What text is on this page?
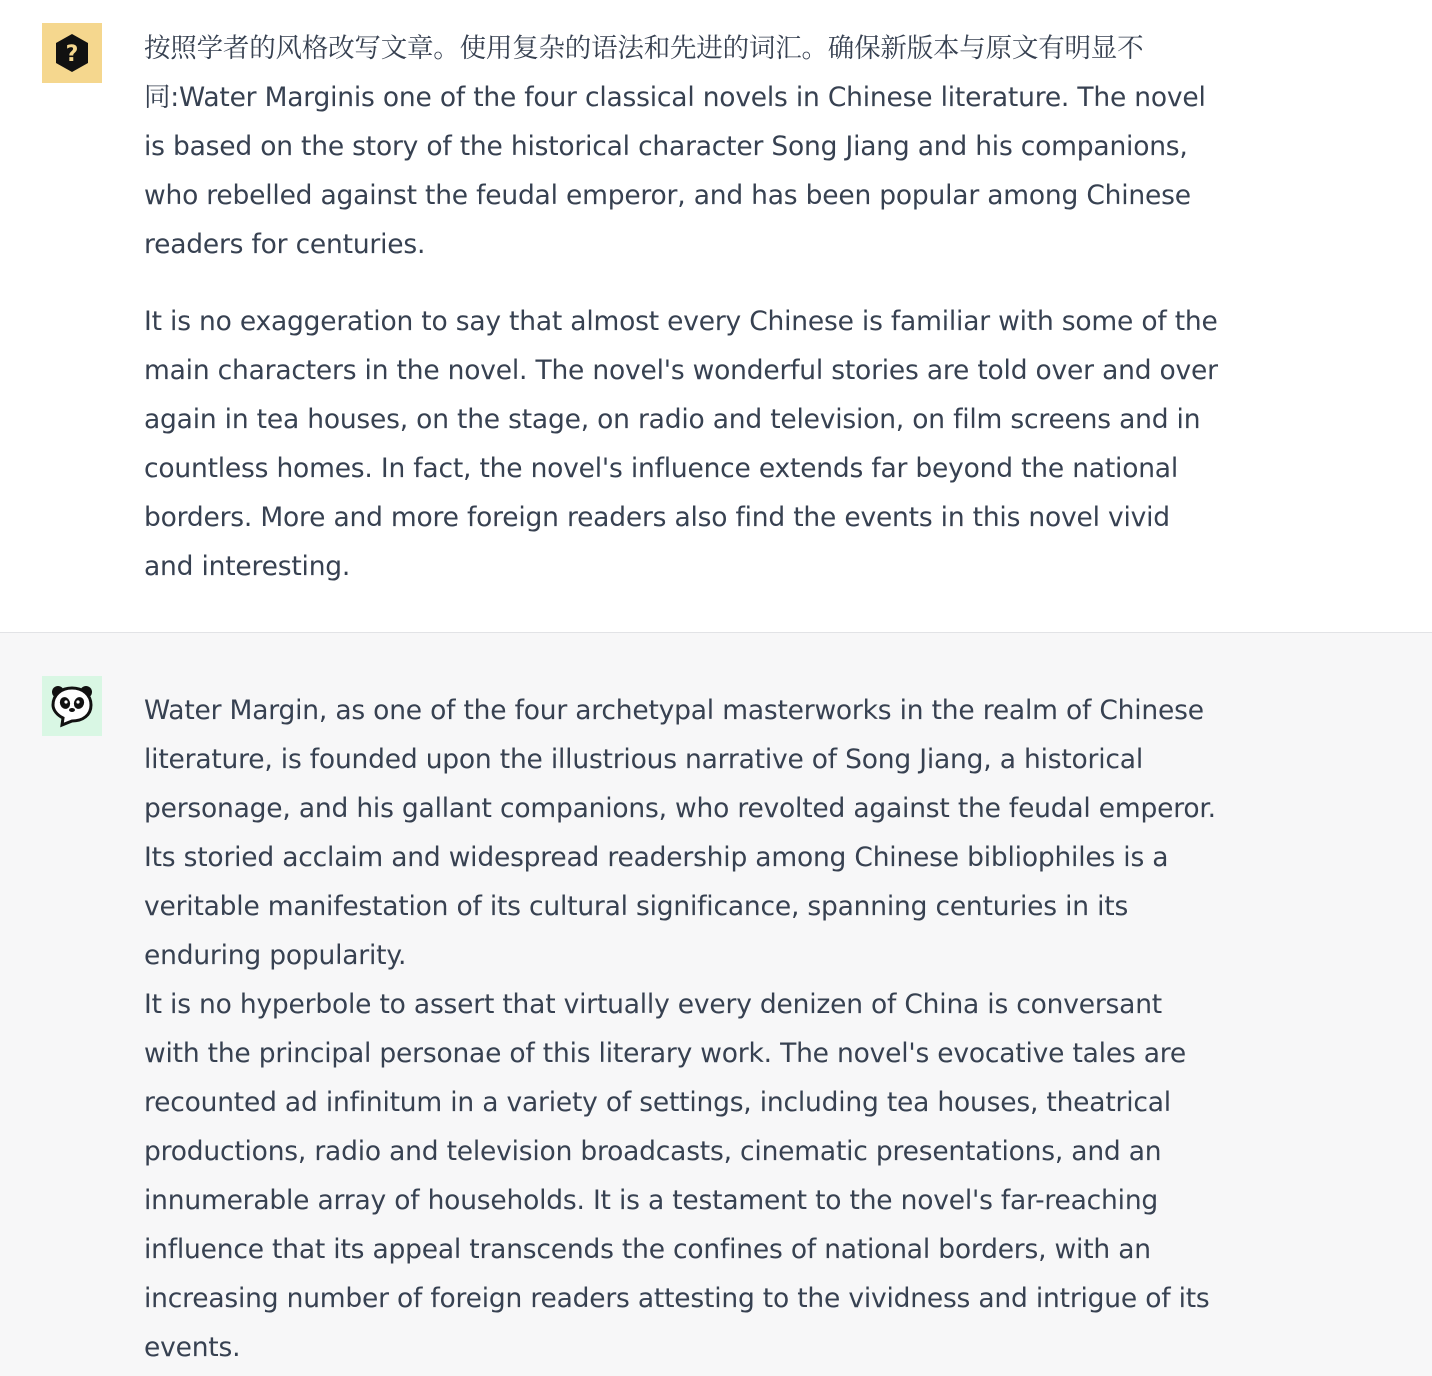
? 按照学者的风格改写文章。使用复杂的语法和先进的词汇。确保新版本与原文有明显不同:Water Marginis one of the four classical novels in Chinese literature. The novel is based on the story of the historical character Song Jiang and his companions, who rebelled against the feudal emperor, and has been popular among Chinese readers for centuries.

It is no exaggeration to say that almost every Chinese is familiar with some of the main characters in the novel. The novel's wonderful stories are told over and over again in tea houses, on the stage, on radio and television, on film screens and in countless homes. In fact, the novel's influence extends far beyond the national borders. More and more foreign readers also find the events in this novel vivid and interesting.

Water Margin, as one of the four archetypal masterworks in the realm of Chinese literature, is founded upon the illustrious narrative of Song Jiang, a historical personage, and his gallant companions, who revolted against the feudal emperor. Its storied acclaim and widespread readership among Chinese bibliophiles is a veritable manifestation of its cultural significance, spanning centuries in its enduring popularity.

It is no hyperbole to assert that virtually every denizen of China is conversant with the principal personae of this literary work. The novel's evocative tales are recounted ad infinitum in a variety of settings, including tea houses, theatrical productions, radio and television broadcasts, cinematic presentations, and an innumerable array of households. It is a testament to the novel's far-reaching influence that its appeal transcends the confines of national borders, with an increasing number of foreign readers attesting to the vividness and intrigue of its events.
